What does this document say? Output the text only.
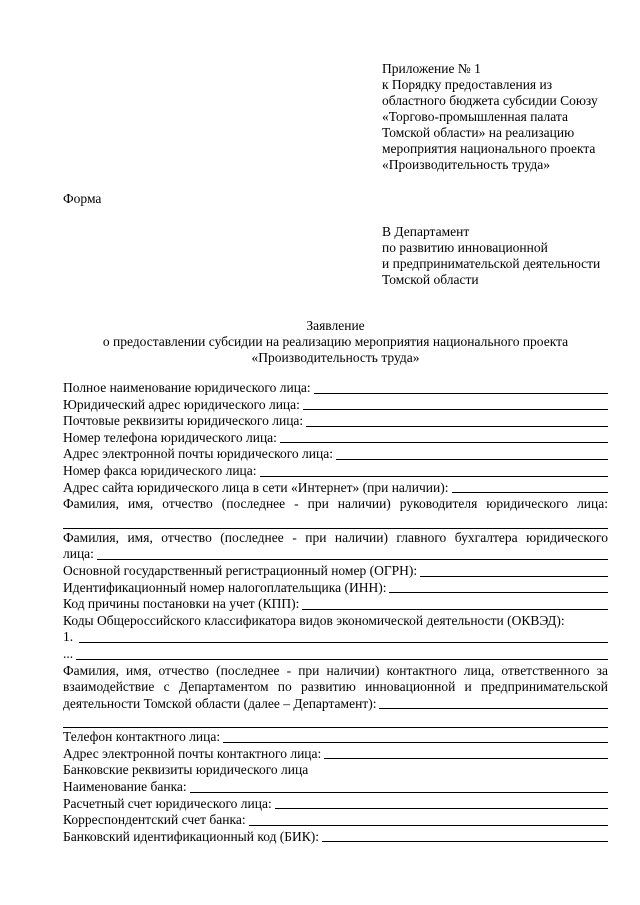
Приложение № 1
к Порядку предоставления из
областного бюджета субсидии Союзу
«Торгово-промышленная палата
Томской области» на реализацию
мероприятия национального проекта
«Производительность труда»
Форма
В Департамент
по развитию инновационной
и предпринимательской деятельности
Томской области
Заявление
о предоставлении субсидии на реализацию мероприятия национального проекта
«Производительность труда»
Полное наименование юридического лица:
Юридический адрес юридического лица:
Почтовые реквизиты юридического лица:
Номер телефона юридического лица:
Адрес электронной почты юридического лица:
Номер факса юридического лица:
Адрес сайта юридического лица в сети «Интернет» (при наличии):
Фамилия, имя, отчество (последнее - при наличии) руководителя юридического лица:
Фамилия, имя, отчество (последнее - при наличии) главного бухгалтера юридического
лица:
Основной государственный регистрационный номер (ОГРН):
Идентификационный номер налогоплательщика (ИНН):
Код причины постановки на учет (КПП):
Коды Общероссийского классификатора видов экономической деятельности (ОКВЭД):
1.
...
Фамилия, имя, отчество (последнее - при наличии) контактного лица, ответственного за взаимодействие с Департаментом по развитию инновационной и предпринимательской
деятельности Томской области (далее – Департамент):
Телефон контактного лица:
Адрес электронной почты контактного лица:
Банковские реквизиты юридического лица
Наименование банка:
Расчетный счет юридического лица:
Корреспондентский счет банка:
Банковский идентификационный код (БИК):
